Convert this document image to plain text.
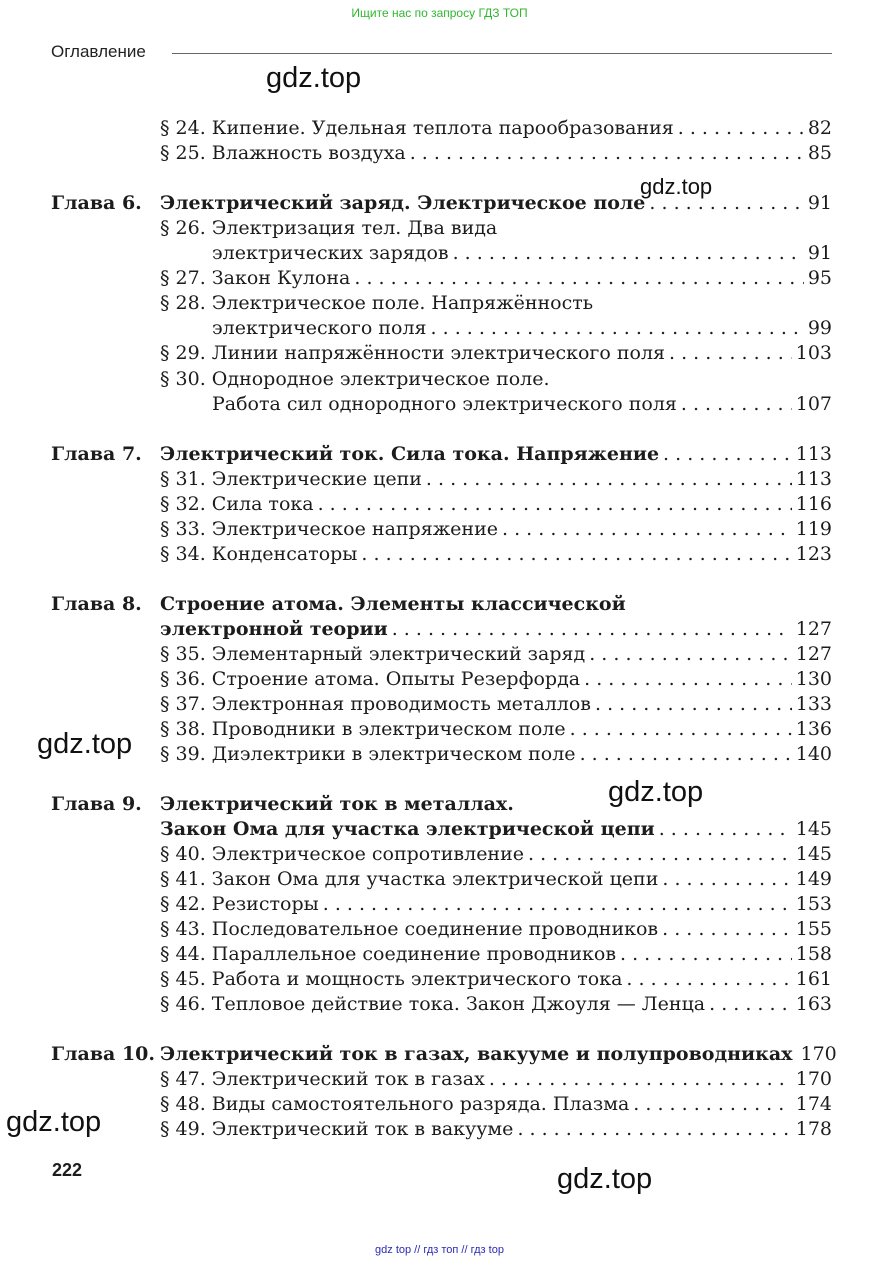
Ищите нас по запросу ГДЗ ТОП
Оглавление
§ 24. Кипение. Удельная теплота парообразования . . .	82
§ 25. Влажность воздуха . . .	85
Глава 6. Электрический заряд. Электрическое поле . . .	91
§ 26. Электризация тел. Два вида
электрических зарядов . . .	91
§ 27. Закон Кулона . . .	95
§ 28. Электрическое поле. Напряжённость
электрического поля . . .	99
§ 29. Линии напряжённости электрического поля . . .	103
§ 30. Однородное электрическое поле.
Работа сил однородного электрического поля . . .	107
Глава 7. Электрический ток. Сила тока. Напряжение . . .	113
§ 31. Электрические цепи . . .	113
§ 32. Сила тока . . .	116
§ 33. Электрическое напряжение . . .	119
§ 34. Конденсаторы . . .	123
Глава 8. Строение атома. Элементы классической
электронной теории . . .	127
§ 35. Элементарный электрический заряд . . .	127
§ 36. Строение атома. Опыты Резерфорда . . .	130
§ 37. Электронная проводимость металлов . . .	133
§ 38. Проводники в электрическом поле . . .	136
§ 39. Диэлектрики в электрическом поле . . .	140
Глава 9. Электрический ток в металлах.
Закон Ома для участка электрической цепи . . .	145
§ 40. Электрическое сопротивление . . .	145
§ 41. Закон Ома для участка электрической цепи . . .	149
§ 42. Резисторы . . .	153
§ 43. Последовательное соединение проводников . . .	155
§ 44. Параллельное соединение проводников . . .	158
§ 45. Работа и мощность электрического тока . . .	161
§ 46. Тепловое действие тока. Закон Джоуля — Ленца . . .	163
Глава 10. Электрический ток в газах, вакууме и полупроводниках 170
§ 47. Электрический ток в газах . . .	170
§ 48. Виды самостоятельного разряда. Плазма . . .	174
§ 49. Электрический ток в вакууме . . .	178
gdz.top
gdz.top
gdz.top
gdz.top
gdz.top
gdz.top
222
gdz top // гдз топ // гдз top
